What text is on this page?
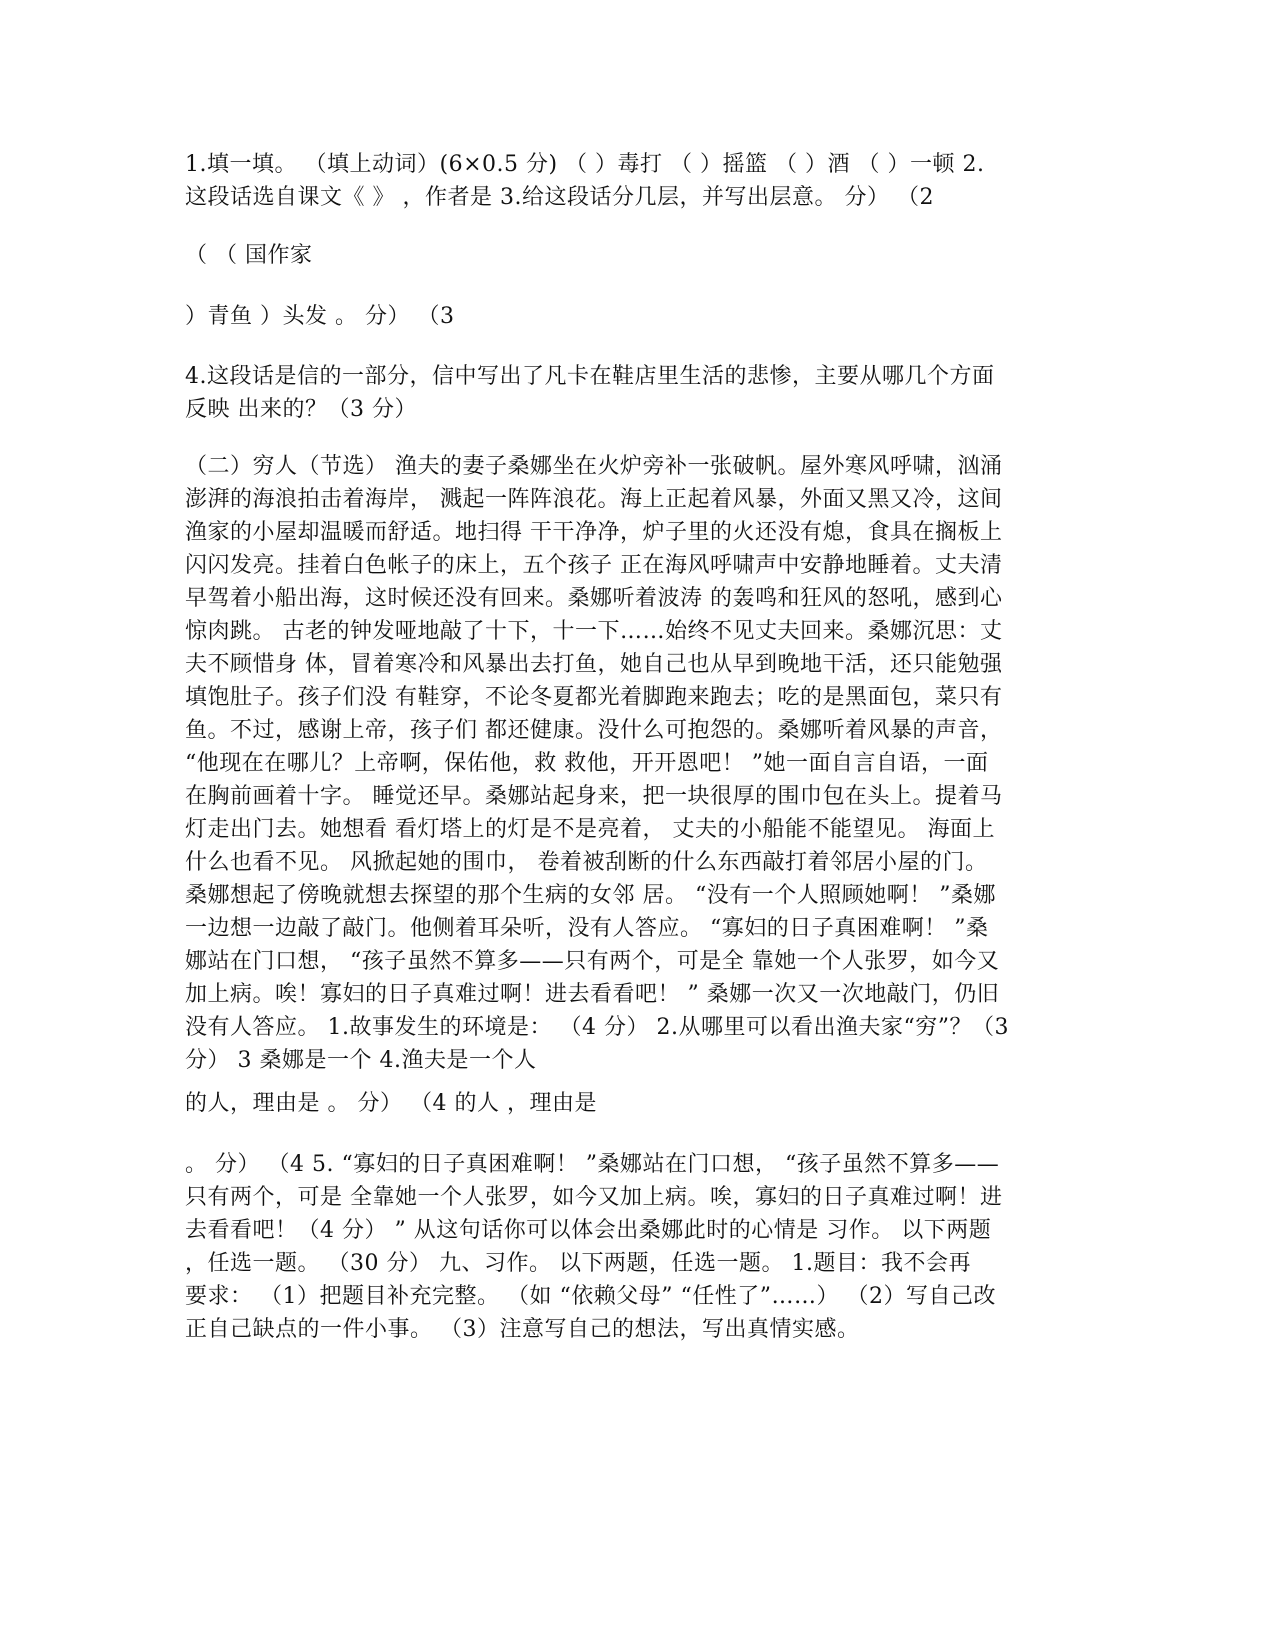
1.填一填。 （填上动词）(6×0.5 分) （ ）毒打 （ ）摇篮 （ ）酒 （ ）一顿 2.
这段话选自课文《 》 ，作者是 3.给这段话分几层，并写出层意。 分） （2

（ （ 国作家

）青鱼 ）头发 。 分） （3

4.这段话是信的一部分，信中写出了凡卡在鞋店里生活的悲惨，主要从哪几个方面
反映 出来的？（3 分）

（二）穷人（节选） 渔夫的妻子桑娜坐在火炉旁补一张破帆。屋外寒风呼啸，汹涌
澎湃的海浪拍击着海岸， 溅起一阵阵浪花。海上正起着风暴，外面又黑又冷，这间
渔家的小屋却温暖而舒适。地扫得 干干净净，炉子里的火还没有熄，食具在搁板上
闪闪发亮。挂着白色帐子的床上，五个孩子 正在海风呼啸声中安静地睡着。丈夫清
早驾着小船出海，这时候还没有回来。桑娜听着波涛 的轰鸣和狂风的怒吼，感到心
惊肉跳。 古老的钟发哑地敲了十下，十一下……始终不见丈夫回来。桑娜沉思：丈
夫不顾惜身 体，冒着寒冷和风暴出去打鱼，她自己也从早到晚地干活，还只能勉强
填饱肚子。孩子们没 有鞋穿，不论冬夏都光着脚跑来跑去；吃的是黑面包，菜只有
鱼。不过，感谢上帝，孩子们 都还健康。没什么可抱怨的。桑娜听着风暴的声音，
“他现在在哪儿？上帝啊，保佑他，救 救他，开开恩吧！ ”她一面自言自语，一面
在胸前画着十字。 睡觉还早。桑娜站起身来，把一块很厚的围巾包在头上。提着马
灯走出门去。她想看 看灯塔上的灯是不是亮着， 丈夫的小船能不能望见。 海面上
什么也看不见。 风掀起她的围巾， 卷着被刮断的什么东西敲打着邻居小屋的门。
桑娜想起了傍晚就想去探望的那个生病的女邻 居。 “没有一个人照顾她啊！ ”桑娜
一边想一边敲了敲门。他侧着耳朵听，没有人答应。 “寡妇的日子真困难啊！ ”桑
娜站在门口想， “孩子虽然不算多——只有两个，可是全 靠她一个人张罗，如今又
加上病。唉！寡妇的日子真难过啊！进去看看吧！ ” 桑娜一次又一次地敲门，仍旧
没有人答应。 1.故事发生的环境是： （4 分） 2.从哪里可以看出渔夫家“穷”？（3
分） 3 桑娜是一个 4.渔夫是一个人

的人，理由是 。 分） （4 的人 ，理由是

。 分） （4 5. “寡妇的日子真困难啊！ ”桑娜站在门口想， “孩子虽然不算多——
只有两个，可是 全靠她一个人张罗，如今又加上病。唉，寡妇的日子真难过啊！进
去看看吧！（4 分） ” 从这句话你可以体会出桑娜此时的心情是 习作。 以下两题
，任选一题。 （30 分） 九、习作。 以下两题，任选一题。 1.题目：我不会再
要求： （1）把题目补充完整。 （如 “依赖父母” “任性了”……） （2）写自己改
正自己缺点的一件小事。 （3）注意写自己的想法，写出真情实感。
